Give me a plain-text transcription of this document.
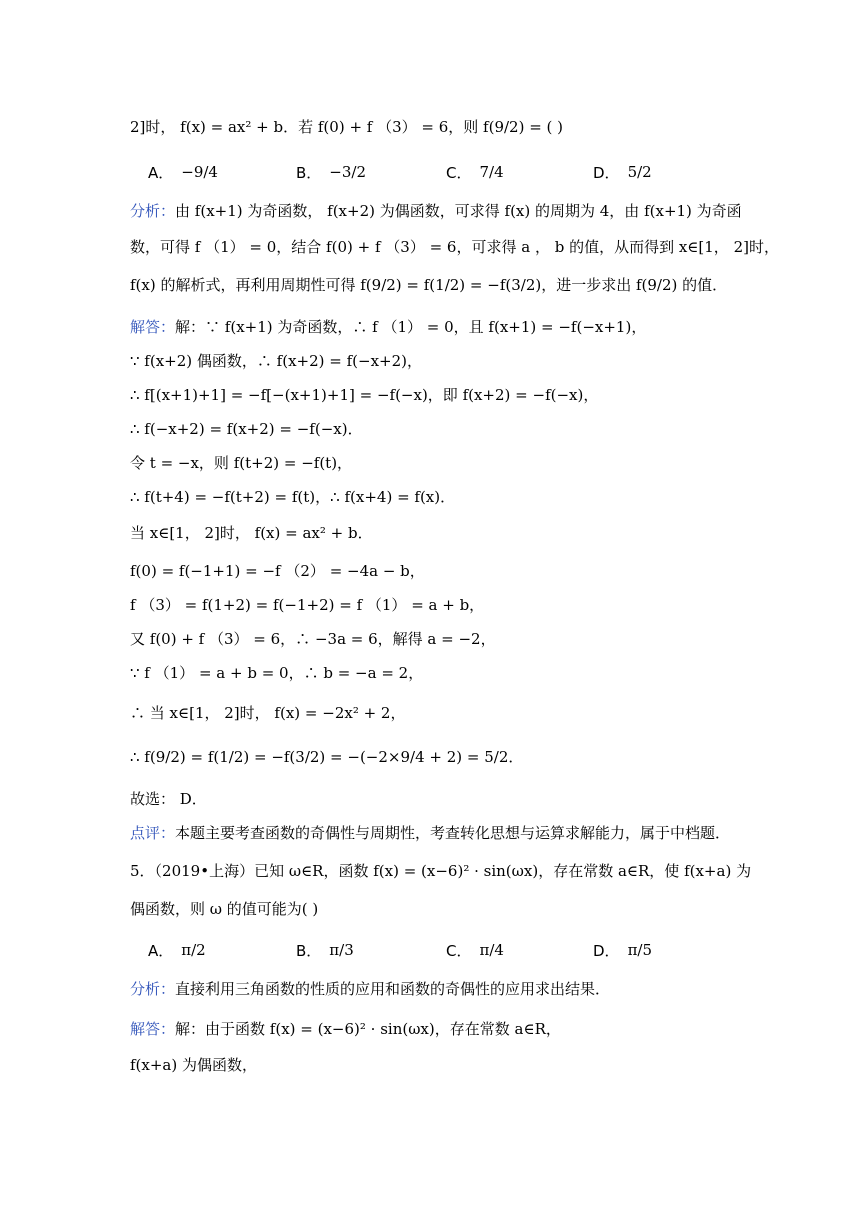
2]时， f(x) = ax² + b．若 f(0) + f （3） = 6，则 f(9/2) = ( )
A． −9/4	B． −3/2	C． 7/4	D． 5/2
分析：由 f(x+1) 为奇函数， f(x+2) 为偶函数，可求得 f(x) 的周期为 4，由 f(x+1) 为奇函
数，可得 f （1） = 0，结合 f(0) + f （3） = 6，可求得 a ， b 的值，从而得到 x∈[1， 2]时，
f(x) 的解析式，再利用周期性可得 f(9/2) = f(1/2) = −f(3/2)，进一步求出 f(9/2) 的值．
解答：解：∵ f(x+1) 为奇函数，∴ f （1） = 0，且 f(x+1) = −f(−x+1)，
∵ f(x+2) 偶函数，∴ f(x+2) = f(−x+2)，
∴ f[(x+1)+1] = −f[−(x+1)+1] = −f(−x)，即 f(x+2) = −f(−x)，
∴ f(−x+2) = f(x+2) = −f(−x)．
令 t = −x，则 f(t+2) = −f(t)，
∴ f(t+4) = −f(t+2) = f(t)，∴ f(x+4) = f(x)．
当 x∈[1， 2]时， f(x) = ax² + b．
f(0) = f(−1+1) = −f （2） = −4a − b，
f （3） = f(1+2) = f(−1+2) = f （1） = a + b，
又 f(0) + f （3） = 6，∴ −3a = 6，解得 a = −2，
∵ f （1） = a + b = 0，∴ b = −a = 2，
∴ 当 x∈[1， 2]时， f(x) = −2x² + 2，
∴ f(9/2) = f(1/2) = −f(3/2) = −(−2×9/4 + 2) = 5/2．
故选： D．
点评：本题主要考查函数的奇偶性与周期性，考查转化思想与运算求解能力，属于中档题．
5．（2019•上海）已知 ω∈R，函数 f(x) = (x−6)² · sin(ωx)，存在常数 a∈R，使 f(x+a) 为
偶函数，则 ω 的值可能为( )
A． π/2	B． π/3	C． π/4	D． π/5
分析：直接利用三角函数的性质的应用和函数的奇偶性的应用求出结果．
解答：解：由于函数 f(x) = (x−6)² · sin(ωx)，存在常数 a∈R，
f(x+a) 为偶函数，
